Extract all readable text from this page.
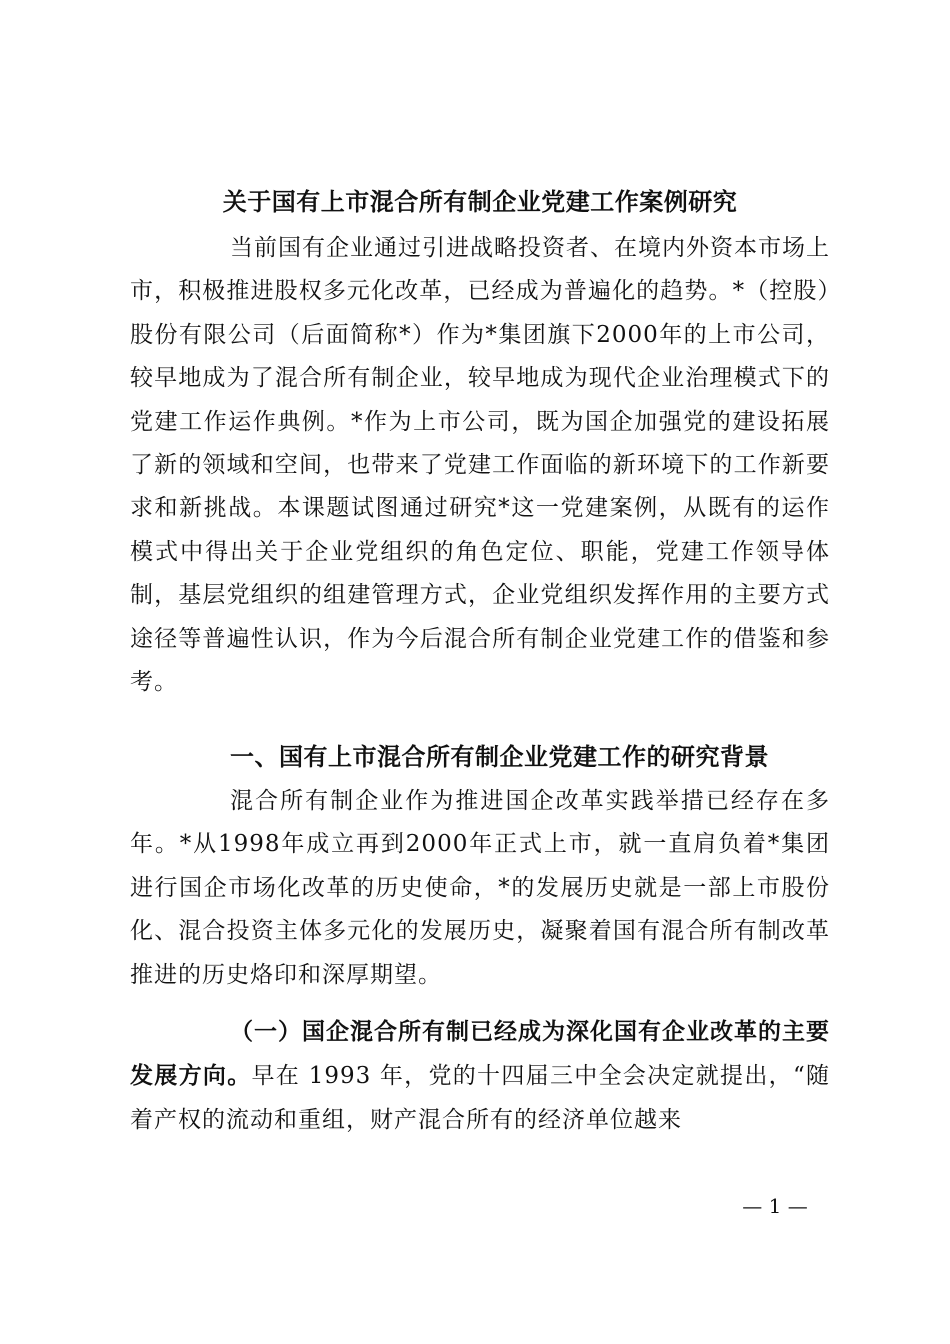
关于国有上市混合所有制企业党建工作案例研究
当前国有企业通过引进战略投资者、在境内外资本市场上市，积极推进股权多元化改革，已经成为普遍化的趋势。*（控股）股份有限公司（后面简称*）作为*集团旗下2000年的上市公司，较早地成为了混合所有制企业，较早地成为现代企业治理模式下的党建工作运作典例。*作为上市公司，既为国企加强党的建设拓展了新的领域和空间，也带来了党建工作面临的新环境下的工作新要求和新挑战。本课题试图通过研究*这一党建案例，从既有的运作模式中得出关于企业党组织的角色定位、职能，党建工作领导体制，基层党组织的组建管理方式，企业党组织发挥作用的主要方式途径等普遍性认识，作为今后混合所有制企业党建工作的借鉴和参考。
一、国有上市混合所有制企业党建工作的研究背景
混合所有制企业作为推进国企改革实践举措已经存在多年。*从1998年成立再到2000年正式上市，就一直肩负着*集团进行国企市场化改革的历史使命，*的发展历史就是一部上市股份化、混合投资主体多元化的发展历史，凝聚着国有混合所有制改革推进的历史烙印和深厚期望。
（一）国企混合所有制已经成为深化国有企业改革的主要发展方向。早在 1993 年，党的十四届三中全会决定就提出，“随着产权的流动和重组，财产混合所有的经济单位越来
— 1 —
